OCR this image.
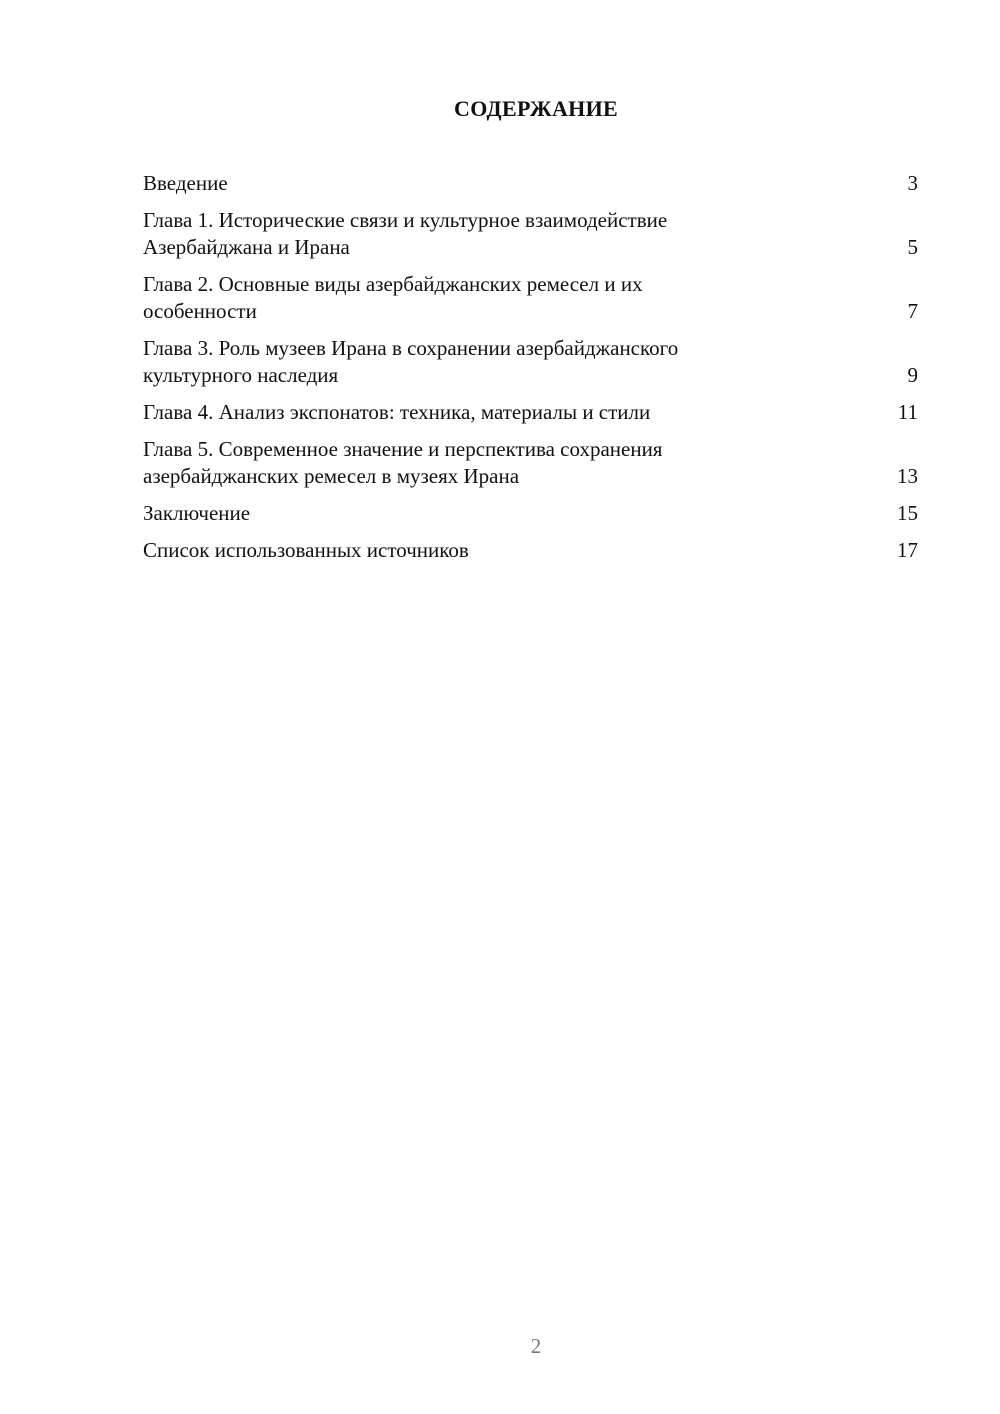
СОДЕРЖАНИЕ
Введение	3
Глава 1. Исторические связи и культурное взаимодействие
Азербайджана и Ирана	5
Глава 2. Основные виды азербайджанских ремесел и их
особенности	7
Глава 3. Роль музеев Ирана в сохранении азербайджанского
культурного наследия	9
Глава 4. Анализ экспонатов: техника, материалы и стили	11
Глава 5. Современное значение и перспектива сохранения
азербайджанских ремесел в музеях Ирана	13
Заключение	15
Список использованных источников	17
2
